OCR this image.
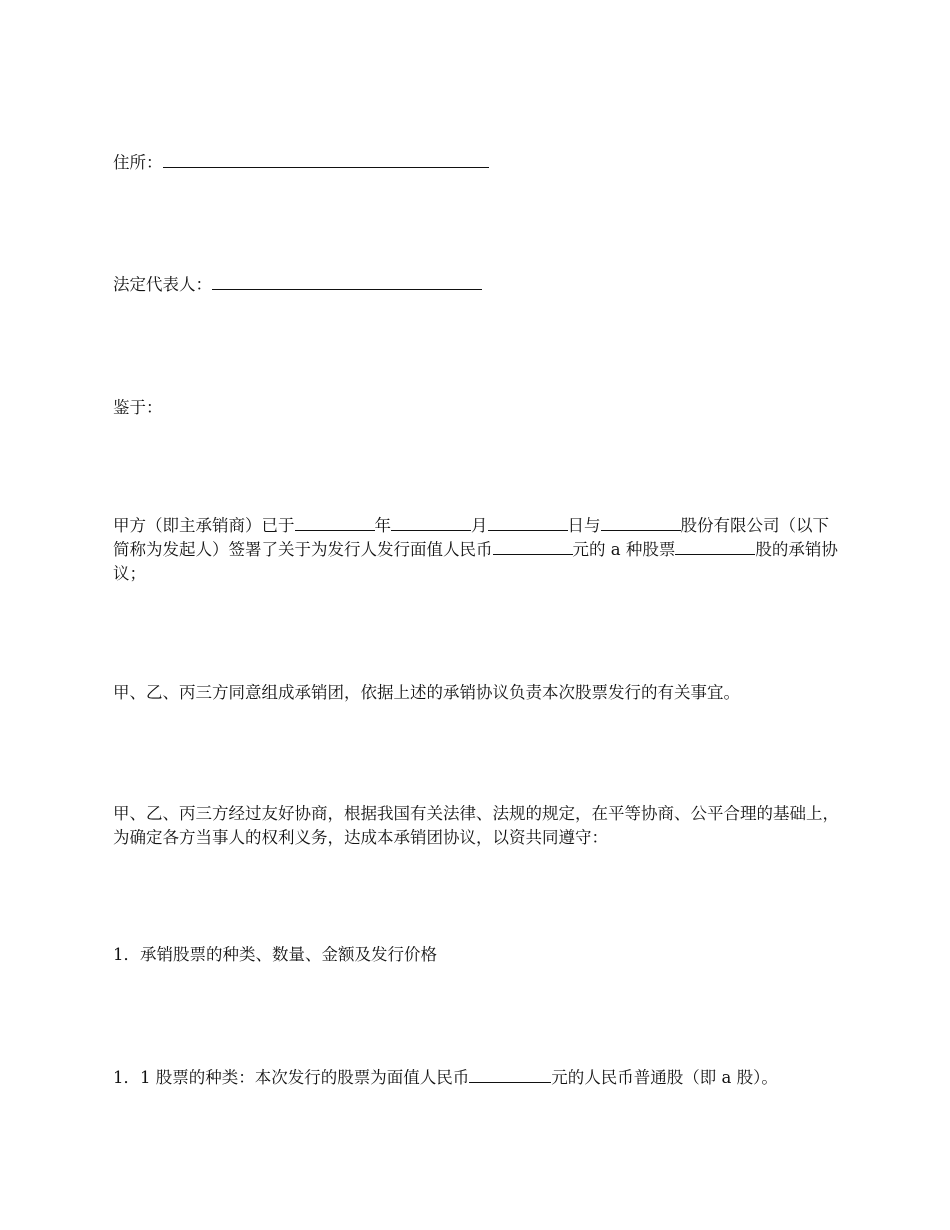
住所：
法定代表人：
鉴于：
甲方（即主承销商）已于	年	月	日与	股份有限公司（以下简称为发起人）签署了关于为发行人发行面值人民币	元的 a 种股票	股的承销协议；
甲、乙、丙三方同意组成承销团，依据上述的承销协议负责本次股票发行的有关事宜。
甲、乙、丙三方经过友好协商，根据我国有关法律、法规的规定，在平等协商、公平合理的基础上，为确定各方当事人的权利义务，达成本承销团协议，以资共同遵守：
1．承销股票的种类、数量、金额及发行价格
1．1 股票的种类：本次发行的股票为面值人民币	元的人民币普通股（即 a 股）。
